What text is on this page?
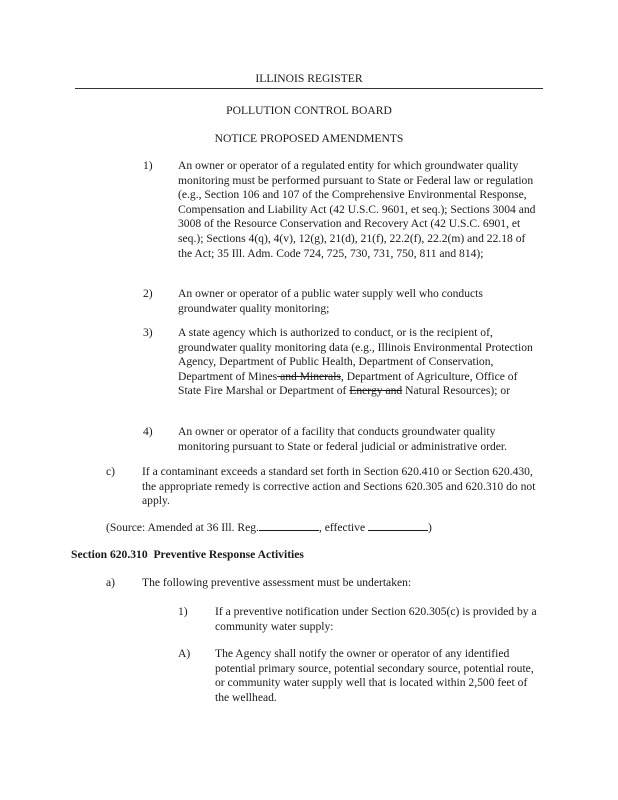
ILLINOIS REGISTER
POLLUTION CONTROL BOARD
NOTICE PROPOSED AMENDMENTS
1) An owner or operator of a regulated entity for which groundwater quality monitoring must be performed pursuant to State or Federal law or regulation (e.g., Section 106 and 107 of the Comprehensive Environmental Response, Compensation and Liability Act (42 U.S.C. 9601, et seq.); Sections 3004 and 3008 of the Resource Conservation and Recovery Act (42 U.S.C. 6901, et seq.); Sections 4(q), 4(v), 12(g), 21(d), 21(f), 22.2(f), 22.2(m) and 22.18 of the Act; 35 Ill. Adm. Code 724, 725, 730, 731, 750, 811 and 814);
2) An owner or operator of a public water supply well who conducts groundwater quality monitoring;
3) A state agency which is authorized to conduct, or is the recipient of, groundwater quality monitoring data (e.g., Illinois Environmental Protection Agency, Department of Public Health, Department of Conservation, Department of Mines and Minerals, Department of Agriculture, Office of State Fire Marshal or Department of Energy and Natural Resources); or
4) An owner or operator of a facility that conducts groundwater quality monitoring pursuant to State or federal judicial or administrative order.
c) If a contaminant exceeds a standard set forth in Section 620.410 or Section 620.430, the appropriate remedy is corrective action and Sections 620.305 and 620.310 do not apply.
(Source: Amended at 36 Ill. Reg.	, effective	)
Section 620.310 Preventive Response Activities
a) The following preventive assessment must be undertaken:
1) If a preventive notification under Section 620.305(c) is provided by a community water supply:
A) The Agency shall notify the owner or operator of any identified potential primary source, potential secondary source, potential route, or community water supply well that is located within 2,500 feet of the wellhead.
